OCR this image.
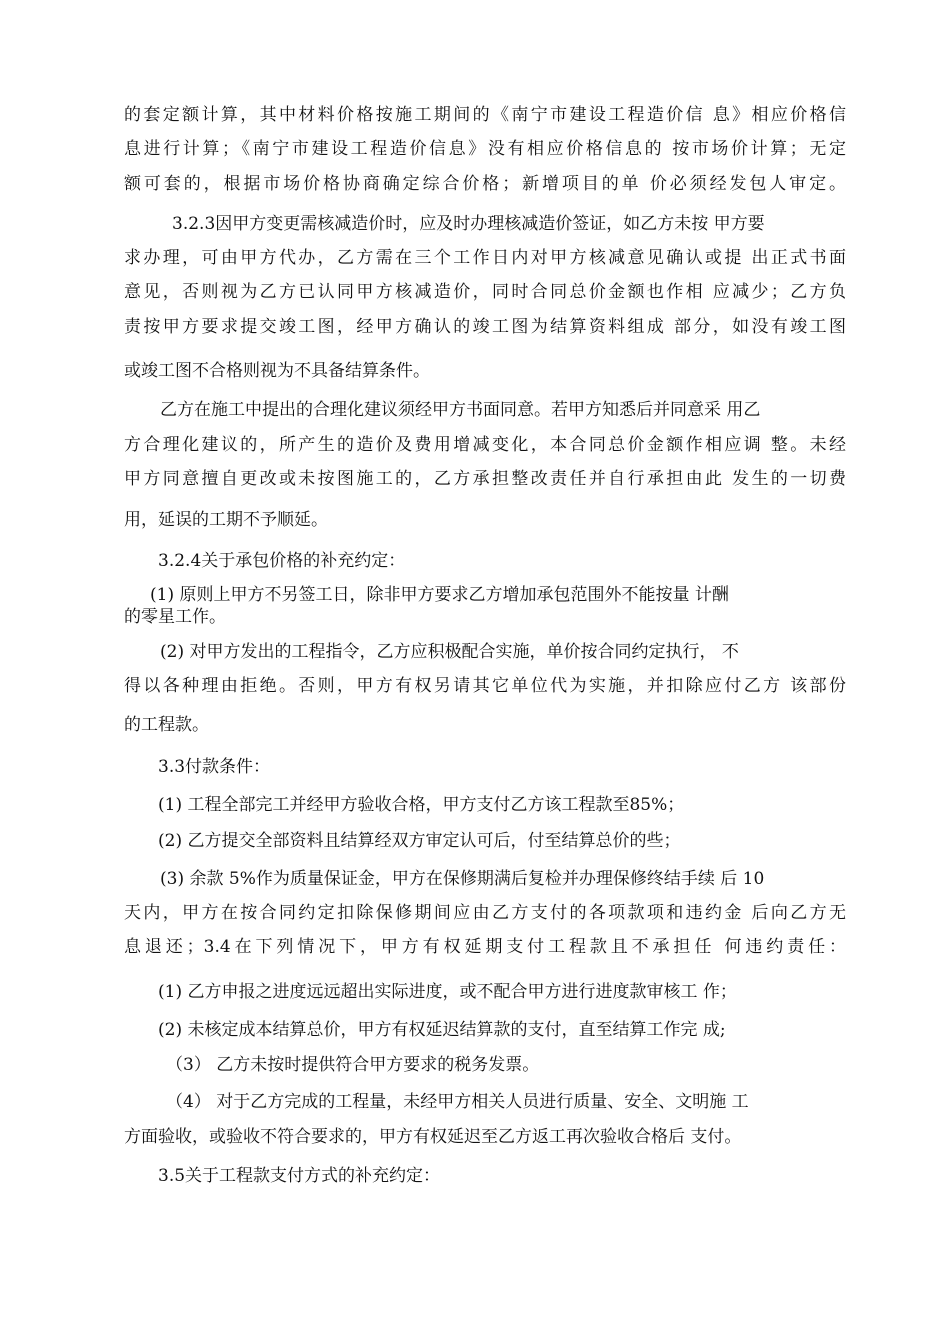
的套定额计算，其中材料价格按施工期间的《南宁市建设工程造价信 息》相应价格信
息进行计算；《南宁市建设工程造价信息》没有相应价格信息的 按市场价计算；无定
额可套的，根据市场价格协商确定综合价格；新增项目的单 价必须经发包人审定。
3.2.3因甲方变更需核减造价时，应及时办理核减造价签证，如乙方未按 甲方要
求办理，可由甲方代办，乙方需在三个工作日内对甲方核减意见确认或提 出正式书面
意见，否则视为乙方已认同甲方核减造价，同时合同总价金额也作相 应减少；乙方负
责按甲方要求提交竣工图，经甲方确认的竣工图为结算资料组成 部分，如没有竣工图
或竣工图不合格则视为不具备结算条件。
乙方在施工中提出的合理化建议须经甲方书面同意。若甲方知悉后并同意采 用乙
方合理化建议的，所产生的造价及费用增减变化，本合同总价金额作相应调 整。未经
甲方同意擅自更改或未按图施工的，乙方承担整改责任并自行承担由此 发生的一切费
用，延误的工期不予顺延。
3.2.4关于承包价格的补充约定：
(1) 原则上甲方不另签工日，除非甲方要求乙方增加承包范围外不能按量 计酬
的零星工作。
(2) 对甲方发出的工程指令，乙方应积极配合实施，单价按合同约定执行， 不
得以各种理由拒绝。否则，甲方有权另请其它单位代为实施，并扣除应付乙方 该部份
的工程款。
3.3付款条件：
(1) 工程全部完工并经甲方验收合格，甲方支付乙方该工程款至85%；
(2) 乙方提交全部资料且结算经双方审定认可后，付至结算总价的些；
(3) 余款 5%作为质量保证金，甲方在保修期满后复检并办理保修终结手续 后 10
天内，甲方在按合同约定扣除保修期间应由乙方支付的各项款项和违约金 后向乙方无
息退还；3.4在下列情况下，甲方有权延期支付工程款且不承担任 何违约责任：
(1) 乙方申报之进度远远超出实际进度，或不配合甲方进行进度款审核工 作；
(2) 未核定成本结算总价，甲方有权延迟结算款的支付，直至结算工作完 成;
（3） 乙方未按时提供符合甲方要求的税务发票。
（4） 对于乙方完成的工程量，未经甲方相关人员进行质量、安全、文明施 工
方面验收，或验收不符合要求的，甲方有权延迟至乙方返工再次验收合格后 支付。
3.5关于工程款支付方式的补充约定：
